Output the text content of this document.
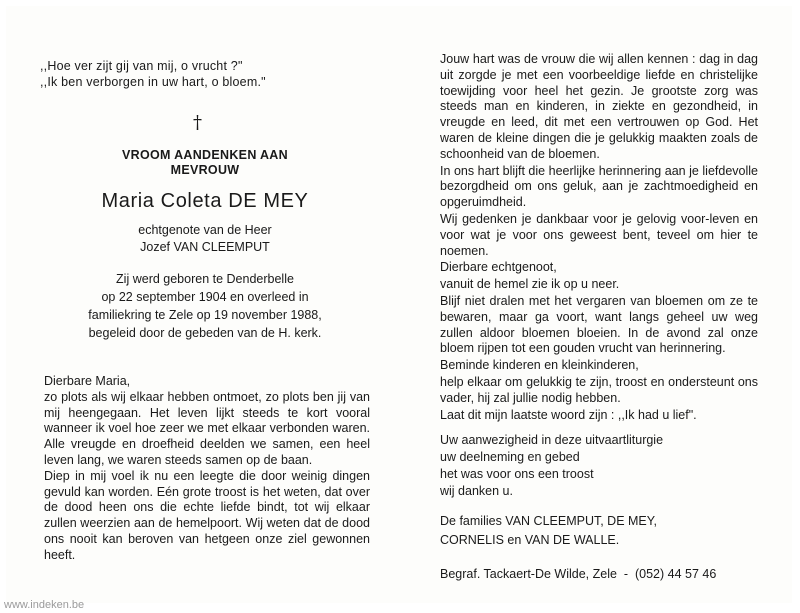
,,Hoe ver zijt gij van mij, o vrucht ?"
,,Ik ben verborgen in uw hart, o bloem."
†
VROOM AANDENKEN AAN
MEVROUW
Maria Coleta DE MEY
echtgenote van de Heer
Jozef VAN CLEEMPUT
Zij werd geboren te Denderbelle
op 22 september 1904 en overleed in
familiekring te Zele op 19 november 1988,
begeleid door de gebeden van de H. kerk.

Dierbare Maria,

zo plots als wij elkaar hebben ontmoet, zo plots ben jij van mij heengegaan. Het leven lijkt steeds te kort vooral wanneer ik voel hoe zeer we met elkaar verbonden waren. Alle vreugde en droefheid deelden we samen, een heel leven lang, we waren steeds samen op de baan.

Diep in mij voel ik nu een leegte die door weinig dingen gevuld kan worden. Eén grote troost is het weten, dat over de dood heen ons die echte liefde bindt, tot wij elkaar zullen weerzien aan de hemelpoort. Wij weten dat de dood ons nooit kan beroven van hetgeen onze ziel gewonnen heeft.

Jouw hart was de vrouw die wij allen kennen : dag in dag uit zorgde je met een voorbeeldige liefde en christelijke toewijding voor heel het gezin. Je grootste zorg was steeds man en kinderen, in ziekte en gezondheid, in vreugde en leed, dit met een vertrouwen op God. Het waren de kleine dingen die je gelukkig maakten zoals de schoonheid van de bloemen.

In ons hart blijft die heerlijke herinnering aan je liefdevolle bezorgdheid om ons geluk, aan je zachtmoedigheid en opgeruimdheid.

Wij gedenken je dankbaar voor je gelovig voor-leven en voor wat je voor ons geweest bent, teveel om hier te noemen.

Dierbare echtgenoot,

vanuit de hemel zie ik op u neer.

Blijf niet dralen met het vergaren van bloemen om ze te bewaren, maar ga voort, want langs geheel uw weg zullen aldoor bloemen bloeien. In de avond zal onze bloem rijpen tot een gouden vrucht van herinnering.

Beminde kinderen en kleinkinderen,

help elkaar om gelukkig te zijn, troost en ondersteunt ons vader, hij zal jullie nodig hebben.

Laat dit mijn laatste woord zijn : ,,Ik had u lief".

Uw aanwezigheid in deze uitvaartliturgie

uw deelneming en gebed

het was voor ons een troost

wij danken u.

De families VAN CLEEMPUT, DE MEY,

CORNELIS en VAN DE WALLE.

Begraf. Tackaert-De Wilde, Zele  -  (052) 44 57 46
www.indeken.be
